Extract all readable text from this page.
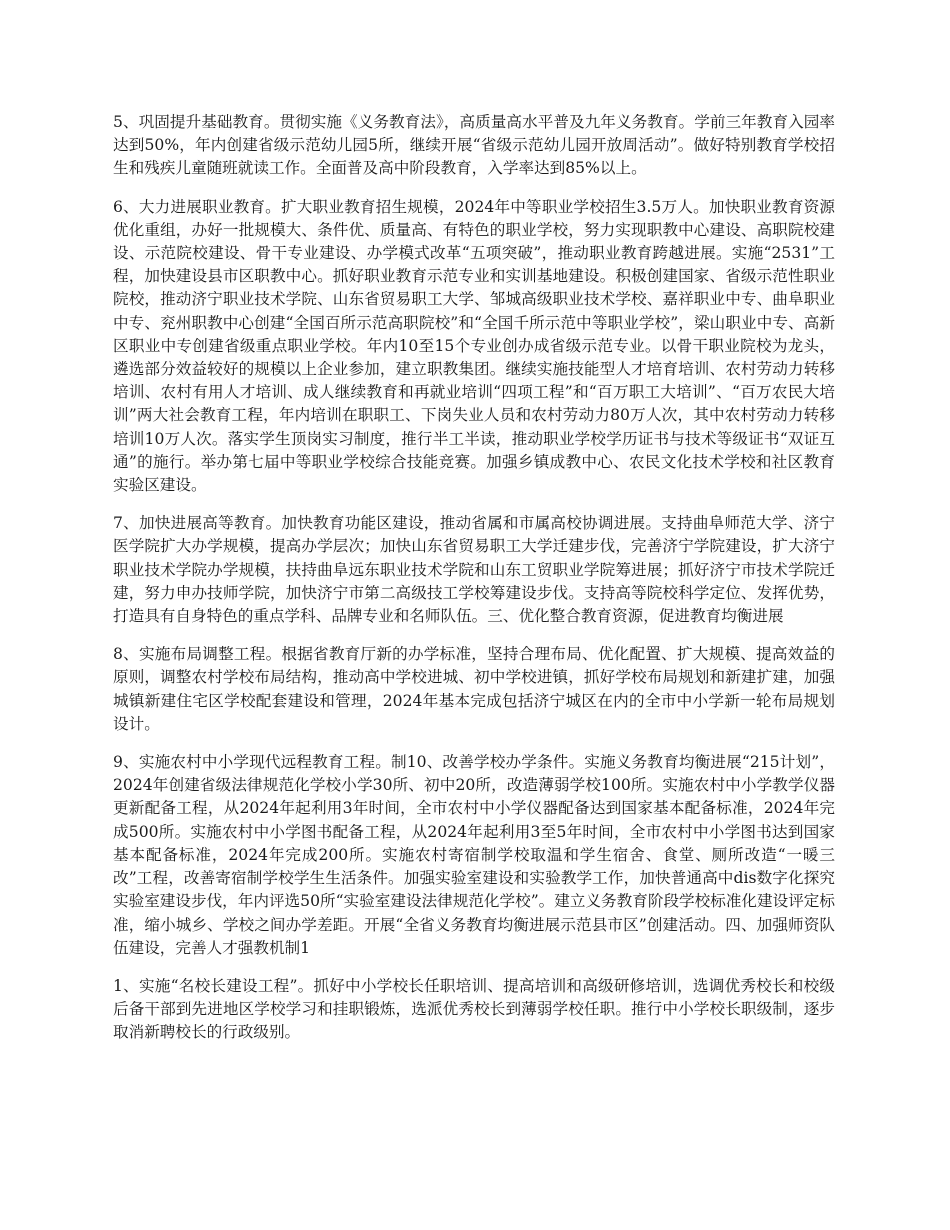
5、巩固提升基础教育。贯彻实施《义务教育法》，高质量高水平普及九年义务教育。学前三年教育入园率达到50%，年内创建省级示范幼儿园5所，继续开展“省级示范幼儿园开放周活动”。做好特别教育学校招生和残疾儿童随班就读工作。全面普及高中阶段教育，入学率达到85%以上。

6、大力进展职业教育。扩大职业教育招生规模，2024年中等职业学校招生3.5万人。加快职业教育资源优化重组，办好一批规模大、条件优、质量高、有特色的职业学校，努力实现职教中心建设、高职院校建设、示范院校建设、骨干专业建设、办学模式改革“五项突破”，推动职业教育跨越进展。实施“2531”工程，加快建设县市区职教中心。抓好职业教育示范专业和实训基地建设。积极创建国家、省级示范性职业院校，推动济宁职业技术学院、山东省贸易职工大学、邹城高级职业技术学校、嘉祥职业中专、曲阜职业中专、兖州职教中心创建“全国百所示范高职院校”和“全国千所示范中等职业学校”，梁山职业中专、高新区职业中专创建省级重点职业学校。年内10至15个专业创办成省级示范专业。以骨干职业院校为龙头，遴选部分效益较好的规模以上企业参加，建立职教集团。继续实施技能型人才培育培训、农村劳动力转移培训、农村有用人才培训、成人继续教育和再就业培训“四项工程”和“百万职工大培训”、“百万农民大培训”两大社会教育工程，年内培训在职职工、下岗失业人员和农村劳动力80万人次，其中农村劳动力转移培训10万人次。落实学生顶岗实习制度，推行半工半读，推动职业学校学历证书与技术等级证书“双证互通”的施行。举办第七届中等职业学校综合技能竞赛。加强乡镇成教中心、农民文化技术学校和社区教育实验区建设。

7、加快进展高等教育。加快教育功能区建设，推动省属和市属高校协调进展。支持曲阜师范大学、济宁医学院扩大办学规模，提高办学层次；加快山东省贸易职工大学迁建步伐，完善济宁学院建设，扩大济宁职业技术学院办学规模，扶持曲阜远东职业技术学院和山东工贸职业学院筹进展；抓好济宁市技术学院迁建，努力申办技师学院，加快济宁市第二高级技工学校筹建设步伐。支持高等院校科学定位、发挥优势，打造具有自身特色的重点学科、品牌专业和名师队伍。三、优化整合教育资源，促进教育均衡进展

8、实施布局调整工程。根据省教育厅新的办学标准，坚持合理布局、优化配置、扩大规模、提高效益的原则，调整农村学校布局结构，推动高中学校进城、初中学校进镇，抓好学校布局规划和新建扩建，加强城镇新建住宅区学校配套建设和管理，2024年基本完成包括济宁城区在内的全市中小学新一轮布局规划设计。

9、实施农村中小学现代远程教育工程。制10、改善学校办学条件。实施义务教育均衡进展“215计划”，2024年创建省级法律规范化学校小学30所、初中20所，改造薄弱学校100所。实施农村中小学教学仪器更新配备工程，从2024年起利用3年时间，全市农村中小学仪器配备达到国家基本配备标准，2024年完成500所。实施农村中小学图书配备工程，从2024年起利用3至5年时间，全市农村中小学图书达到国家基本配备标准，2024年完成200所。实施农村寄宿制学校取温和学生宿舍、食堂、厕所改造“一暖三改”工程，改善寄宿制学校学生生活条件。加强实验室建设和实验教学工作，加快普通高中dis数字化探究实验室建设步伐，年内评选50所“实验室建设法律规范化学校”。建立义务教育阶段学校标准化建设评定标准，缩小城乡、学校之间办学差距。开展“全省义务教育均衡进展示范县市区”创建活动。四、加强师资队伍建设，完善人才强教机制1

1、实施“名校长建设工程”。抓好中小学校长任职培训、提高培训和高级研修培训，选调优秀校长和校级后备干部到先进地区学校学习和挂职锻炼，选派优秀校长到薄弱学校任职。推行中小学校长职级制，逐步取消新聘校长的行政级别。
